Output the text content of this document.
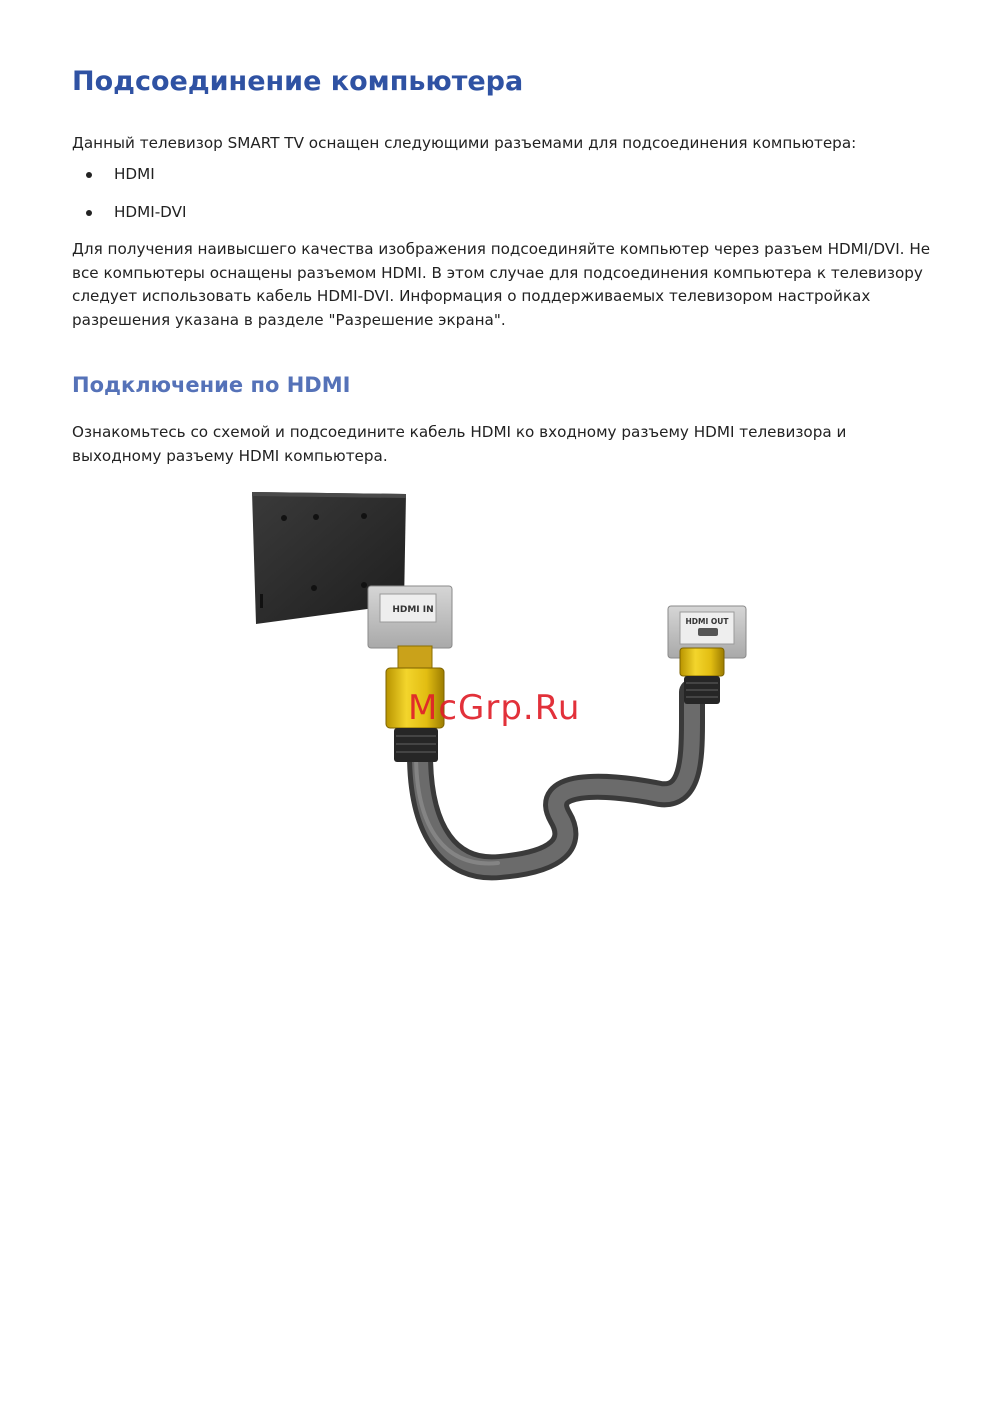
Подсоединение компьютера

Данный телевизор SMART TV оснащен следующими разъемами для подсоединения компьютера:

HDMI
HDMI-DVI

Для получения наивысшего качества изображения подсоединяйте компьютер через разъем HDMI/DVI. Не все компьютеры оснащены разъемом HDMI. В этом случае для подсоединения компьютера к телевизору следует использовать кабель HDMI-DVI. Информация о поддерживаемых телевизором настройках разрешения указана в разделе "Разрешение экрана".

Подключение по HDMI

Ознакомьтесь со схемой и подсоедините кабель HDMI ко входному разъему HDMI телевизора и выходному разъему HDMI компьютера.

HDMI IN
HDMI OUT
McGrp.Ru
